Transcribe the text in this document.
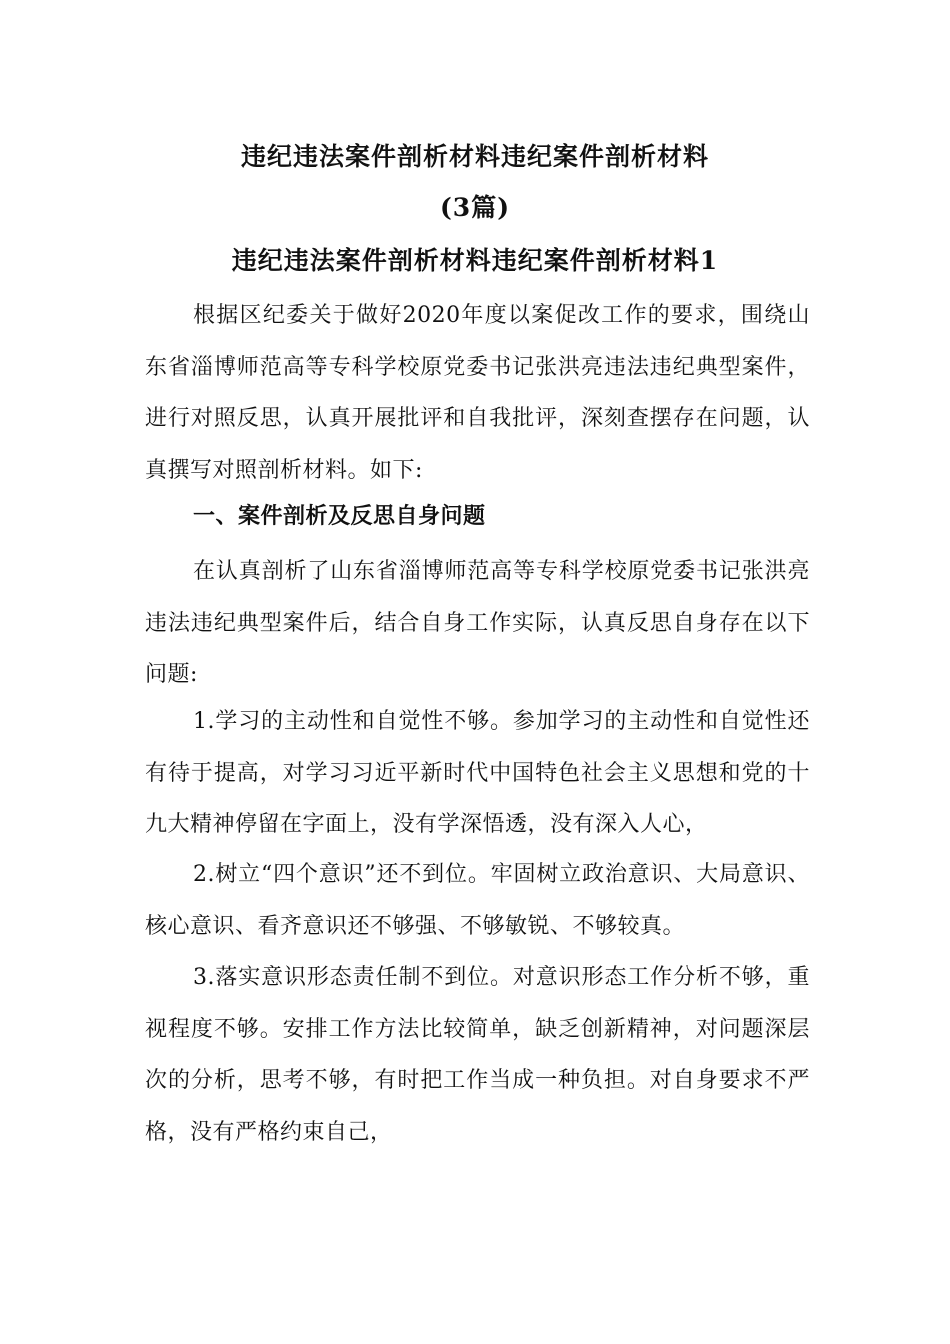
违纪违法案件剖析材料违纪案件剖析材料
(3篇)
违纪违法案件剖析材料违纪案件剖析材料1

根据区纪委关于做好2020年度以案促改工作的要求，围绕山东省淄博师范高等专科学校原党委书记张洪亮违法违纪典型案件，进行对照反思，认真开展批评和自我批评，深刻查摆存在问题，认真撰写对照剖析材料。如下:

一、案件剖析及反思自身问题

在认真剖析了山东省淄博师范高等专科学校原党委书记张洪亮违法违纪典型案件后，结合自身工作实际，认真反思自身存在以下问题:

1.学习的主动性和自觉性不够。参加学习的主动性和自觉性还有待于提高，对学习习近平新时代中国特色社会主义思想和党的十九大精神停留在字面上，没有学深悟透，没有深入人心，

2.树立“四个意识”还不到位。牢固树立政治意识、大局意识、核心意识、看齐意识还不够强、不够敏锐、不够较真。

3.落实意识形态责任制不到位。对意识形态工作分析不够，重视程度不够。安排工作方法比较简单，缺乏创新精神，对问题深层次的分析，思考不够，有时把工作当成一种负担。对自身要求不严格，没有严格约束自己，
